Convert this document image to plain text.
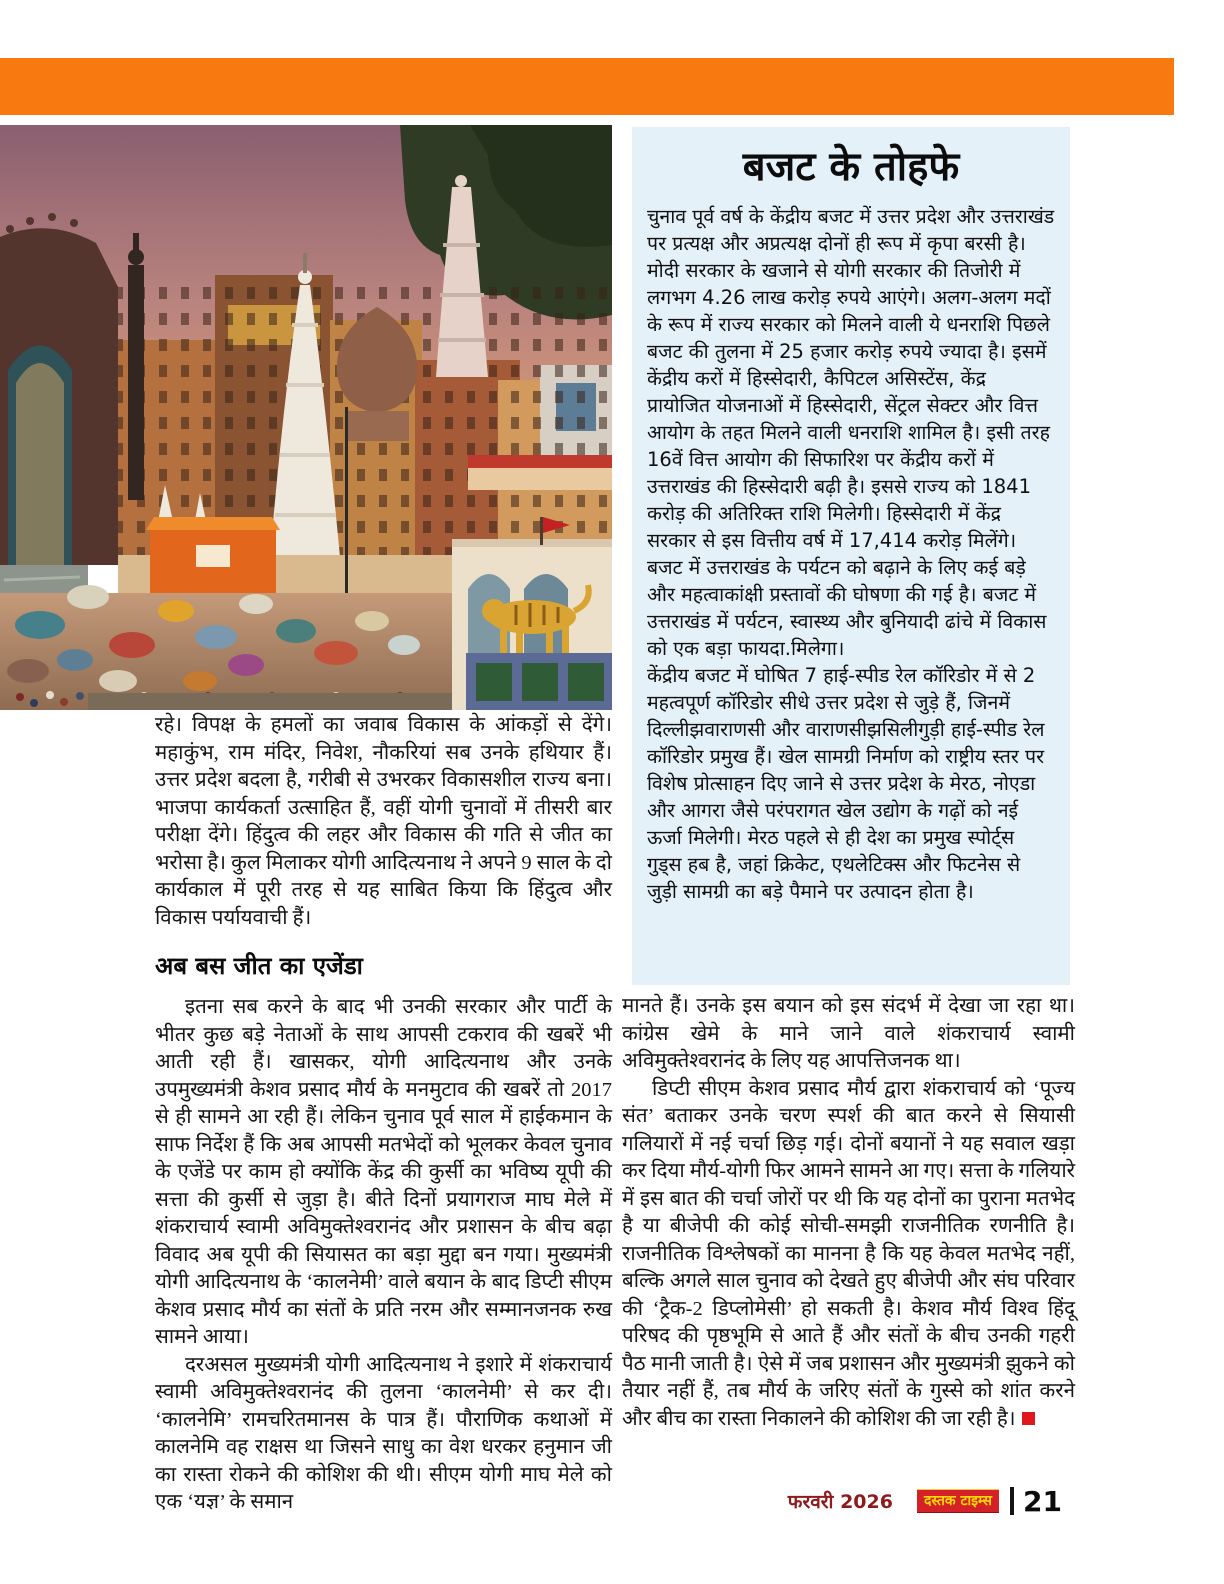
बजट के तोहफे

चुनाव पूर्व वर्ष के केंद्रीय बजट में उत्तर प्रदेश और उत्तराखंड पर प्रत्यक्ष और अप्रत्यक्ष दोनों ही रूप में कृपा बरसी है। मोदी सरकार के खजाने से योगी सरकार की तिजोरी में लगभग 4.26 लाख करोड़ रुपये आएंगे। अलग-अलग मदों के रूप में राज्य सरकार को मिलने वाली ये धनराशि पिछले बजट की तुलना में 25 हजार करोड़ रुपये ज्यादा है। इसमें केंद्रीय करों में हिस्सेदारी, कैपिटल असिस्टेंस, केंद्र प्रायोजित योजनाओं में हिस्सेदारी, सेंट्रल सेक्टर और वित्त आयोग के तहत मिलने वाली धनराशि शामिल है। इसी तरह 16वें वित्त आयोग की सिफारिश पर केंद्रीय करों में उत्तराखंड की हिस्सेदारी बढ़ी है। इससे राज्य को 1841 करोड़ की अतिरिक्त राशि मिलेगी। हिस्सेदारी में केंद्र सरकार से इस वित्तीय वर्ष में 17,414 करोड़ मिलेंगे। बजट में उत्तराखंड के पर्यटन को बढ़ाने के लिए कई बड़े और महत्वाकांक्षी प्रस्तावों की घोषणा की गई है। बजट में उत्तराखंड में पर्यटन, स्वास्थ्य और बुनियादी ढांचे में विकास को एक बड़ा फायदा.मिलेगा।

केंद्रीय बजट में घोषित 7 हाई-स्पीड रेल कॉरिडोर में से 2 महत्वपूर्ण कॉरिडोर सीधे उत्तर प्रदेश से जुड़े हैं, जिनमें दिल्लीझवाराणसी और वाराणसीझसिलीगुड़ी हाई-स्पीड रेल कॉरिडोर प्रमुख हैं। खेल सामग्री निर्माण को राष्ट्रीय स्तर पर विशेष प्रोत्साहन दिए जाने से उत्तर प्रदेश के मेरठ, नोएडा और आगरा जैसे परंपरागत खेल उद्योग के गढ़ों को नई ऊर्जा मिलेगी। मेरठ पहले से ही देश का प्रमुख स्पोर्ट्स गुड्स हब है, जहां क्रिकेट, एथलेटिक्स और फिटनेस से जुड़ी सामग्री का बड़े पैमाने पर उत्पादन होता है।

रहे। विपक्ष के हमलों का जवाब विकास के आंकड़ों से देंगे। महाकुंभ, राम मंदिर, निवेश, नौकरियां सब उनके हथियार हैं। उत्तर प्रदेश बदला है, गरीबी से उभरकर विकासशील राज्य बना। भाजपा कार्यकर्ता उत्साहित हैं, वहीं योगी चुनावों में तीसरी बार परीक्षा देंगे। हिंदुत्व की लहर और विकास की गति से जीत का भरोसा है। कुल मिलाकर योगी आदित्यनाथ ने अपने 9 साल के दो कार्यकाल में पूरी तरह से यह साबित किया कि हिंदुत्व और विकास पर्यायवाची हैं।

अब बस जीत का एजेंडा

इतना सब करने के बाद भी उनकी सरकार और पार्टी के भीतर कुछ बड़े नेताओं के साथ आपसी टकराव की खबरें भी आती रही हैं। खासकर, योगी आदित्यनाथ और उनके उपमुख्यमंत्री केशव प्रसाद मौर्य के मनमुटाव की खबरें तो 2017 से ही सामने आ रही हैं। लेकिन चुनाव पूर्व साल में हाईकमान के साफ निर्देश हैं कि अब आपसी मतभेदों को भूलकर केवल चुनाव के एजेंडे पर काम हो क्योंकि केंद्र की कुर्सी का भविष्य यूपी की सत्ता की कुर्सी से जुड़ा है। बीते दिनों प्रयागराज माघ मेले में शंकराचार्य स्वामी अविमुक्तेश्वरानंद और प्रशासन के बीच बढ़ा विवाद अब यूपी की सियासत का बड़ा मुद्दा बन गया। मुख्यमंत्री योगी आदित्यनाथ के ‘कालनेमी’ वाले बयान के बाद डिप्टी सीएम केशव प्रसाद मौर्य का संतों के प्रति नरम और सम्मानजनक रुख सामने आया।

दरअसल मुख्यमंत्री योगी आदित्यनाथ ने इशारे में शंकराचार्य स्वामी अविमुक्तेश्वरानंद की तुलना ‘कालनेमी’ से कर दी। ‘कालनेमि’ रामचरितमानस के पात्र हैं। पौराणिक कथाओं में कालनेमि वह राक्षस था जिसने साधु का वेश धरकर हनुमान जी का रास्ता रोकने की कोशिश की थी। सीएम योगी माघ मेले को एक ‘यज्ञ’ के समान

मानते हैं। उनके इस बयान को इस संदर्भ में देखा जा रहा था। कांग्रेस खेमे के माने जाने वाले शंकराचार्य स्वामी अविमुक्तेश्वरानंद के लिए यह आपत्तिजनक था।

डिप्टी सीएम केशव प्रसाद मौर्य द्वारा शंकराचार्य को ‘पूज्य संत’ बताकर उनके चरण स्पर्श की बात करने से सियासी गलियारों में नई चर्चा छिड़ गई। दोनों बयानों ने यह सवाल खड़ा कर दिया मौर्य-योगी फिर आमने सामने आ गए। सत्ता के गलियारे में इस बात की चर्चा जोरों पर थी कि यह दोनों का पुराना मतभेद है या बीजेपी की कोई सोची-समझी राजनीतिक रणनीति है। राजनीतिक विश्लेषकों का मानना है कि यह केवल मतभेद नहीं, बल्कि अगले साल चुनाव को देखते हुए बीजेपी और संघ परिवार की ‘ट्रैक-2 डिप्लोमेसी’ हो सकती है। केशव मौर्य विश्व हिंदू परिषद की पृष्ठभूमि से आते हैं और संतों के बीच उनकी गहरी पैठ मानी जाती है। ऐसे में जब प्रशासन और मुख्यमंत्री झुकने को तैयार नहीं हैं, तब मौर्य के जरिए संतों के गुस्से को शांत करने और बीच का रास्ता निकालने की कोशिश की जा रही है।

फरवरी 2026	दस्तक टाइम्स 21
